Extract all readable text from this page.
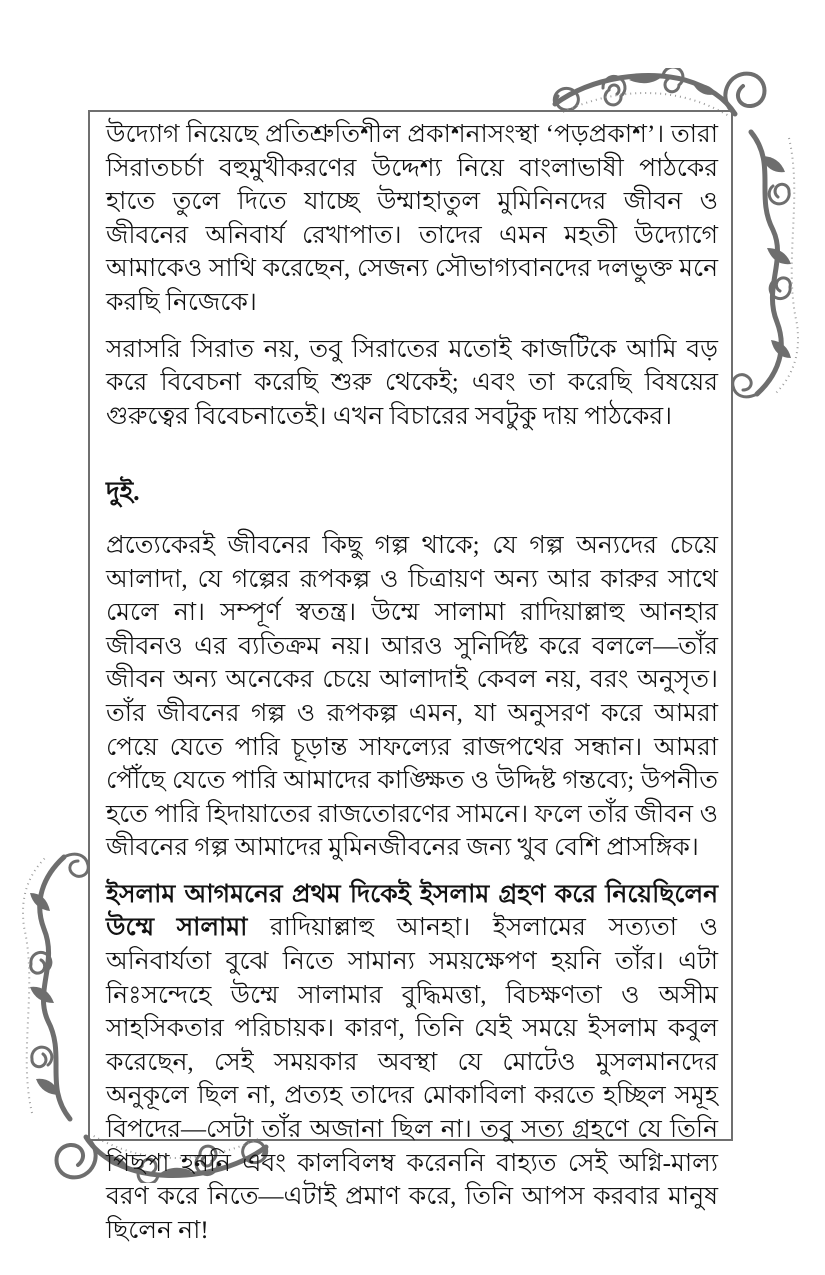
উদ্যোগ নিয়েছে প্রতিশ্রুতিশীল প্রকাশনাসংস্থা ‘পড়প্রকাশ’। তারা সিরাতচর্চা বহুমুখীকরণের উদ্দেশ্য নিয়ে বাংলাভাষী পাঠকের হাতে তুলে দিতে যাচ্ছে উম্মাহাতুল মুমিনিনদের জীবন ও জীবনের অনিবার্য রেখাপাত। তাদের এমন মহতী উদ্যোগে আমাকেও সাথি করেছেন, সেজন্য সৌভাগ্যবানদের দলভুক্ত মনে করছি নিজেকে।

সরাসরি সিরাত নয়, তবু সিরাতের মতোই কাজটিকে আমি বড় করে বিবেচনা করেছি শুরু থেকেই; এবং তা করেছি বিষয়ের গুরুত্বের বিবেচনাতেই। এখন বিচারের সবটুকু দায় পাঠকের।

দুই.

প্রত্যেকেরই জীবনের কিছু গল্প থাকে; যে গল্প অন্যদের চেয়ে আলাদা, যে গল্পের রূপকল্প ও চিত্রায়ণ অন্য আর কারুর সাথে মেলে না। সম্পূর্ণ স্বতন্ত্র। উম্মে সালামা রাদিয়াল্লাহু আনহার জীবনও এর ব্যতিক্রম নয়। আরও সুনির্দিষ্ট করে বললে—তাঁর জীবন অন্য অনেকের চেয়ে আলাদাই কেবল নয়, বরং অনুসৃত। তাঁর জীবনের গল্প ও রূপকল্প এমন, যা অনুসরণ করে আমরা পেয়ে যেতে পারি চূড়ান্ত সাফল্যের রাজপথের সন্ধান। আমরা পৌঁছে যেতে পারি আমাদের কাঙ্ক্ষিত ও উদ্দিষ্ট গন্তব্যে; উপনীত হতে পারি হিদায়াতের রাজতোরণের সামনে। ফলে তাঁর জীবন ও জীবনের গল্প আমাদের মুমিনজীবনের জন্য খুব বেশি প্রাসঙ্গিক।

ইসলাম আগমনের প্রথম দিকেই ইসলাম গ্রহণ করে নিয়েছিলেন উম্মে সালামা রাদিয়াল্লাহু আনহা। ইসলামের সত্যতা ও অনিবার্যতা বুঝে নিতে সামান্য সময়ক্ষেপণ হয়নি তাঁর। এটা নিঃসন্দেহে উম্মে সালামার বুদ্ধিমত্তা, বিচক্ষণতা ও অসীম সাহসিকতার পরিচায়ক। কারণ, তিনি যেই সময়ে ইসলাম কবুল করেছেন, সেই সময়কার অবস্থা যে মোটেও মুসলমানদের অনুকূলে ছিল না, প্রত্যহ তাদের মোকাবিলা করতে হচ্ছিল সমূহ বিপদের—সেটা তাঁর অজানা ছিল না। তবু সত্য গ্রহণে যে তিনি পিছপা হননি এবং কালবিলম্ব করেননি বাহ্যত সেই অগ্নি-মাল্য বরণ করে নিতে—এটাই প্রমাণ করে, তিনি আপস করবার মানুষ ছিলেন না!
